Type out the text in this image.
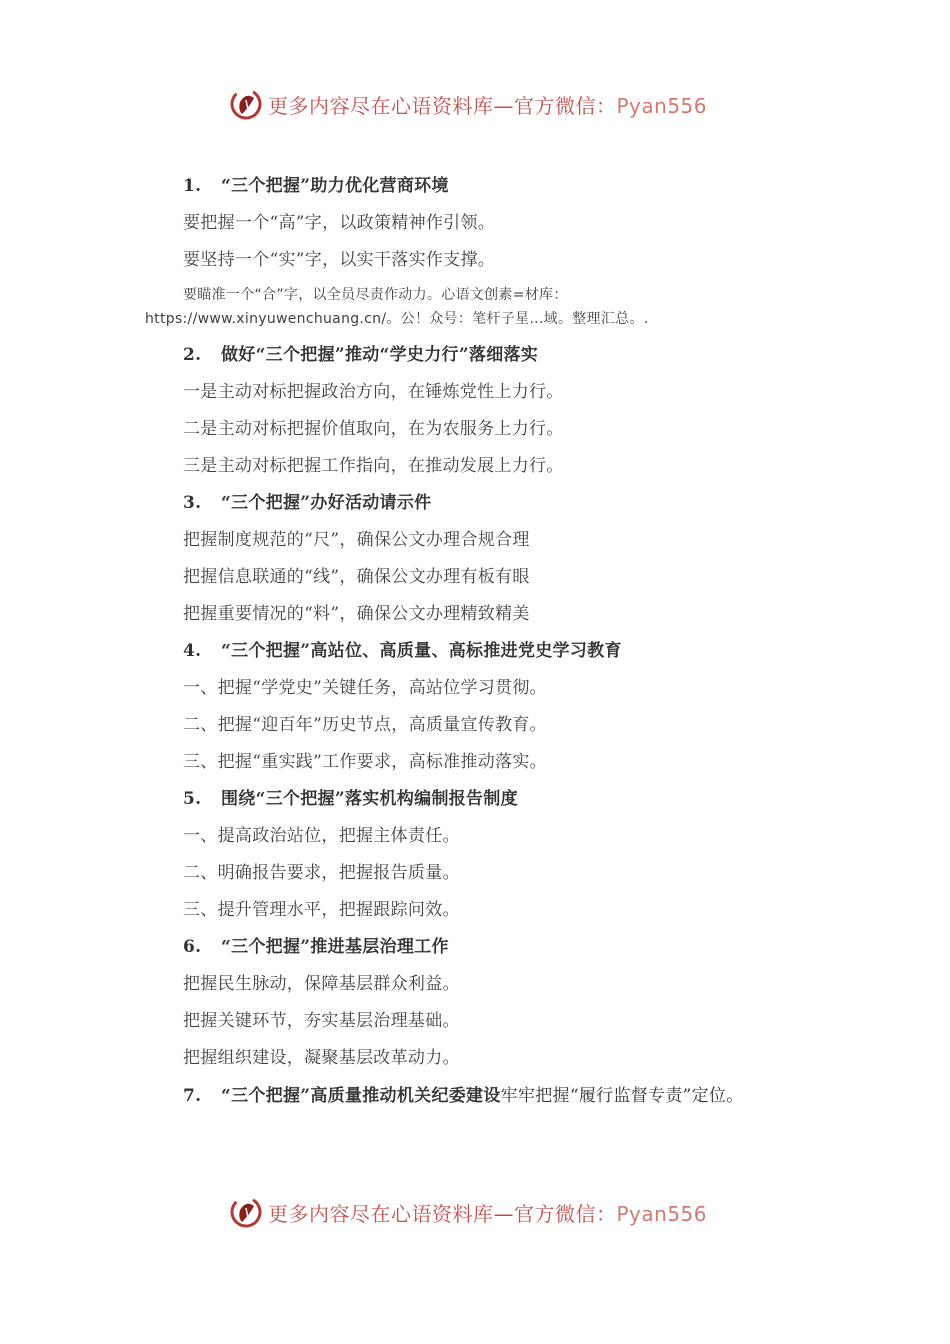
更多内容尽在心语资料库—官方微信：Pyan556
1. “三个把握”助力优化营商环境
要把握一个“高”字，以政策精神作引领。
要坚持一个“实”字，以实干落实作支撑。
要瞄准一个“合”字，以全员尽责作动力。心语文创素=材库：https://www.xinyuwenchuang.cn/。公！众号：笔杆子星…域。整理汇总。.
2. 做好“三个把握”推动“学史力行”落细落实
一是主动对标把握政治方向，在锤炼党性上力行。
二是主动对标把握价值取向，在为农服务上力行。
三是主动对标把握工作指向，在推动发展上力行。
3. “三个把握”办好活动请示件
把握制度规范的“尺”，确保公文办理合规合理
把握信息联通的“线”，确保公文办理有板有眼
把握重要情况的“料”，确保公文办理精致精美
4. “三个把握”高站位、高质量、高标推进党史学习教育
一、把握“学党史”关键任务，高站位学习贯彻。
二、把握“迎百年”历史节点，高质量宣传教育。
三、把握“重实践”工作要求，高标准推动落实。
5. 围绕“三个把握”落实机构编制报告制度
一、提高政治站位，把握主体责任。
二、明确报告要求，把握报告质量。
三、提升管理水平，把握跟踪问效。
6. “三个把握”推进基层治理工作
把握民生脉动，保障基层群众利益。
把握关键环节，夯实基层治理基础。
把握组织建设，凝聚基层改革动力。
7. “三个把握”高质量推动机关纪委建设牢牢把握“履行监督专责”定位。
更多内容尽在心语资料库—官方微信：Pyan556
